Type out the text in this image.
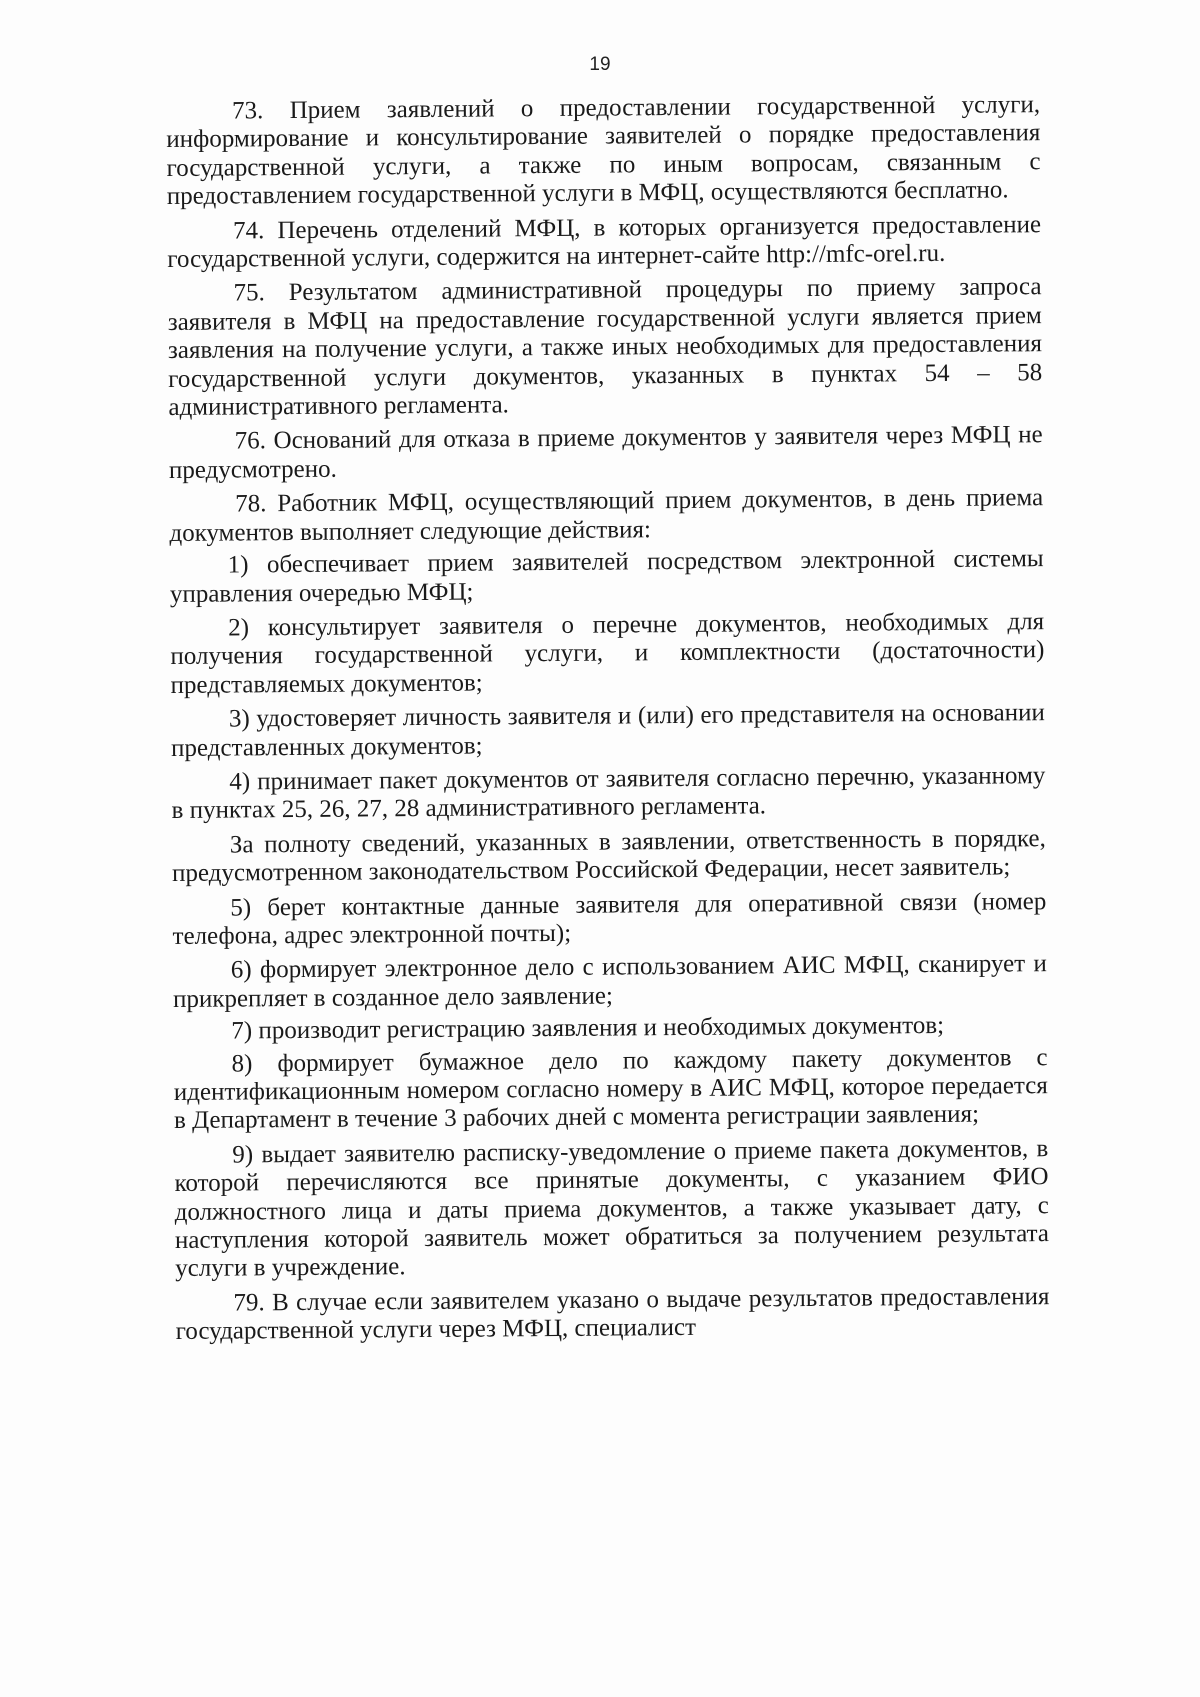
19

73. Прием заявлений о предоставлении государственной услуги, информирование и консультирование заявителей о порядке предоставления государственной услуги, а также по иным вопросам, связанным с предоставлением государственной услуги в МФЦ, осуществляются бесплатно.

74. Перечень отделений МФЦ, в которых организуется предоставление государственной услуги, содержится на интернет-сайте http://mfc-orel.ru.

75. Результатом административной процедуры по приему запроса заявителя в МФЦ на предоставление государственной услуги является прием заявления на получение услуги, а также иных необходимых для предоставления государственной услуги документов, указанных в пунктах 54 – 58 административного регламента.

76. Оснований для отказа в приеме документов у заявителя через МФЦ не предусмотрено.

78. Работник МФЦ, осуществляющий прием документов, в день приема документов выполняет следующие действия:

1) обеспечивает прием заявителей посредством электронной системы управления очередью МФЦ;

2) консультирует заявителя о перечне документов, необходимых для получения государственной услуги, и комплектности (достаточности) представляемых документов;

3) удостоверяет личность заявителя и (или) его представителя на основании представленных документов;

4) принимает пакет документов от заявителя согласно перечню, указанному в пунктах 25, 26, 27, 28 административного регламента.

За полноту сведений, указанных в заявлении, ответственность в порядке, предусмотренном законодательством Российской Федерации, несет заявитель;

5) берет контактные данные заявителя для оперативной связи (номер телефона, адрес электронной почты);

6) формирует электронное дело с использованием АИС МФЦ, сканирует и прикрепляет в созданное дело заявление;

7) производит регистрацию заявления и необходимых документов;

8) формирует бумажное дело по каждому пакету документов с идентификационным номером согласно номеру в АИС МФЦ, которое передается в Департамент в течение 3 рабочих дней с момента регистрации заявления;

9) выдает заявителю расписку-уведомление о приеме пакета документов, в которой перечисляются все принятые документы, с указанием ФИО должностного лица и даты приема документов, а также указывает дату, с наступления которой заявитель может обратиться за получением результата услуги в учреждение.

79. В случае если заявителем указано о выдаче результатов предоставления государственной услуги через МФЦ, специалист
